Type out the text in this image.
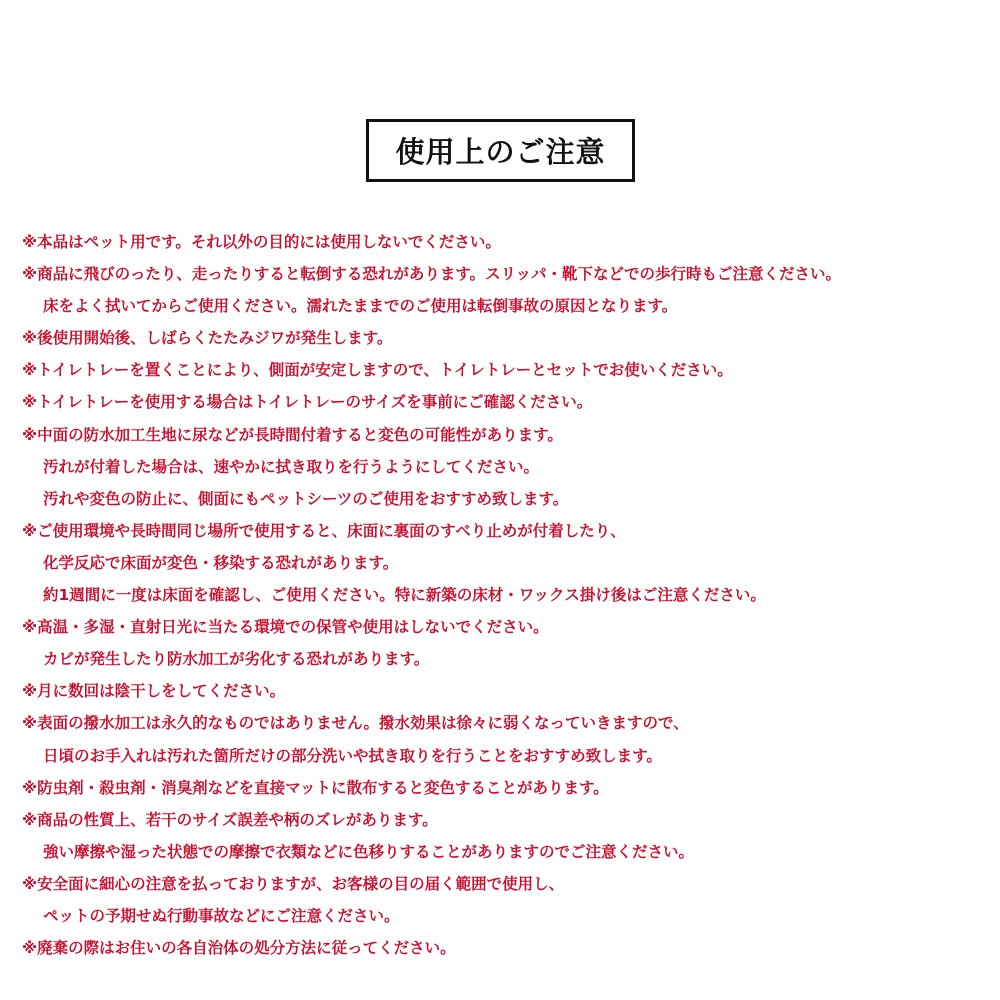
使用上のご注意
※本品はペット用です。それ以外の目的には使用しないでください。
※商品に飛びのったり、走ったりすると転倒する恐れがあります。スリッパ・靴下などでの歩行時もご注意ください。
床をよく拭いてからご使用ください。濡れたままでのご使用は転倒事故の原因となります。
※後使用開始後、しばらくたたみジワが発生します。
※トイレトレーを置くことにより、側面が安定しますので、トイレトレーとセットでお使いください。
※トイレトレーを使用する場合はトイレトレーのサイズを事前にご確認ください。
※中面の防水加工生地に尿などが長時間付着すると変色の可能性があります。
汚れが付着した場合は、速やかに拭き取りを行うようにしてください。
汚れや変色の防止に、側面にもペットシーツのご使用をおすすめ致します。
※ご使用環境や長時間同じ場所で使用すると、床面に裏面のすべり止めが付着したり、
化学反応で床面が変色・移染する恐れがあります。
約1週間に一度は床面を確認し、ご使用ください。特に新築の床材・ワックス掛け後はご注意ください。
※高温・多湿・直射日光に当たる環境での保管や使用はしないでください。
カビが発生したり防水加工が劣化する恐れがあります。
※月に数回は陰干しをしてください。
※表面の撥水加工は永久的なものではありません。撥水効果は徐々に弱くなっていきますので、
日頃のお手入れは汚れた箇所だけの部分洗いや拭き取りを行うことをおすすめ致します。
※防虫剤・殺虫剤・消臭剤などを直接マットに散布すると変色することがあります。
※商品の性質上、若干のサイズ誤差や柄のズレがあります。
強い摩擦や湿った状態での摩擦で衣類などに色移りすることがありますのでご注意ください。
※安全面に細心の注意を払っておりますが、お客様の目の届く範囲で使用し、
ペットの予期せぬ行動事故などにご注意ください。
※廃棄の際はお住いの各自治体の処分方法に従ってください。
